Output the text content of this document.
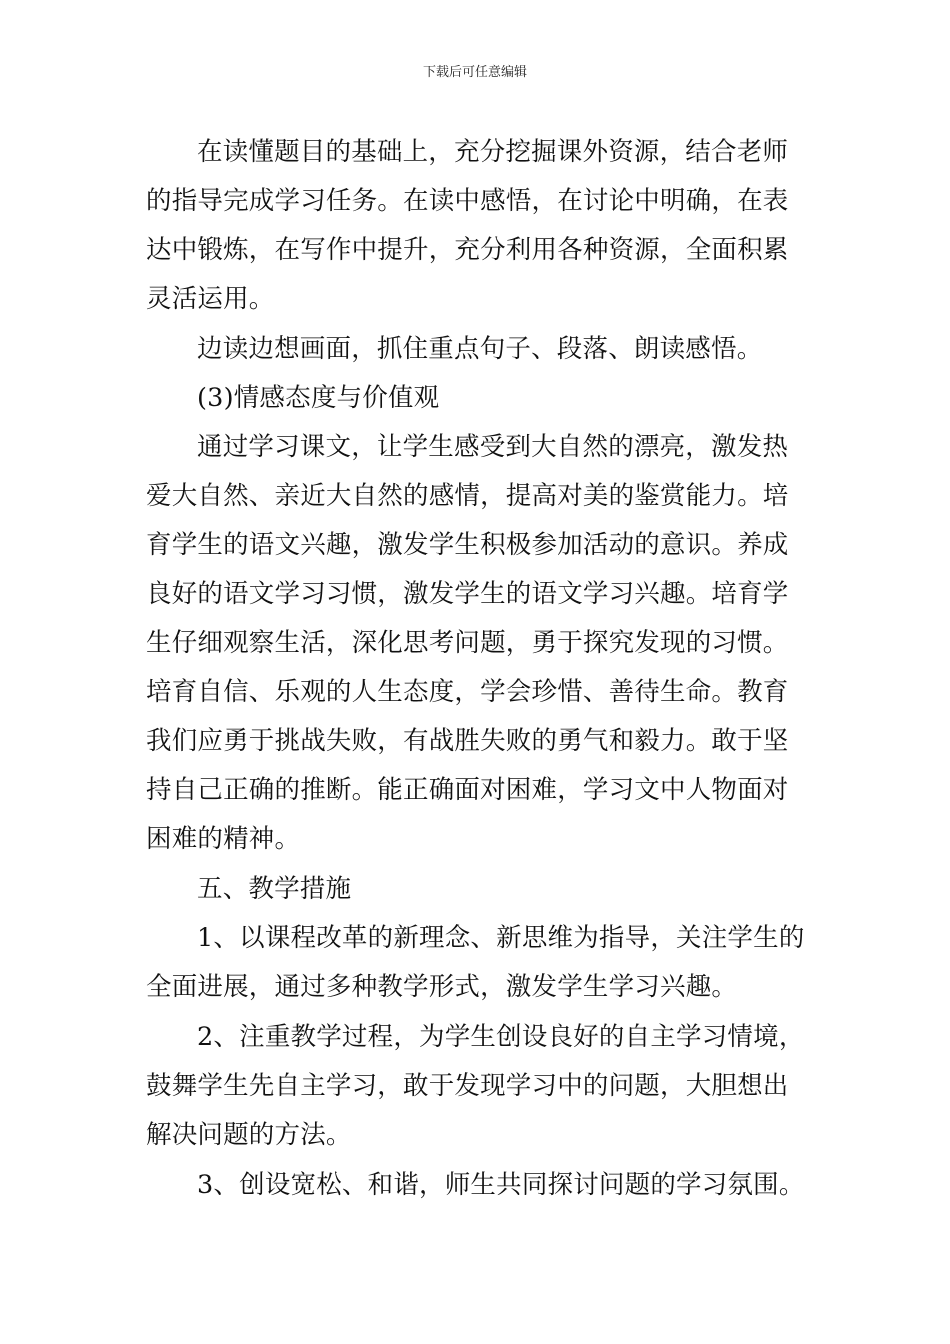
下载后可任意编辑
在读懂题目的基础上，充分挖掘课外资源，结合老师
的指导完成学习任务。在读中感悟，在讨论中明确，在表
达中锻炼，在写作中提升，充分利用各种资源，全面积累
灵活运用。
边读边想画面，抓住重点句子、段落、朗读感悟。
(3)情感态度与价值观
通过学习课文，让学生感受到大自然的漂亮，激发热
爱大自然、亲近大自然的感情，提高对美的鉴赏能力。培
育学生的语文兴趣，激发学生积极参加活动的意识。养成
良好的语文学习习惯，激发学生的语文学习兴趣。培育学
生仔细观察生活，深化思考问题，勇于探究发现的习惯。
培育自信、乐观的人生态度，学会珍惜、善待生命。教育
我们应勇于挑战失败，有战胜失败的勇气和毅力。敢于坚
持自己正确的推断。能正确面对困难，学习文中人物面对
困难的精神。
五、教学措施
1、以课程改革的新理念、新思维为指导，关注学生的
全面进展，通过多种教学形式，激发学生学习兴趣。
2、注重教学过程，为学生创设良好的自主学习情境，
鼓舞学生先自主学习，敢于发现学习中的问题，大胆想出
解决问题的方法。
3、创设宽松、和谐，师生共同探讨问题的学习氛围。
